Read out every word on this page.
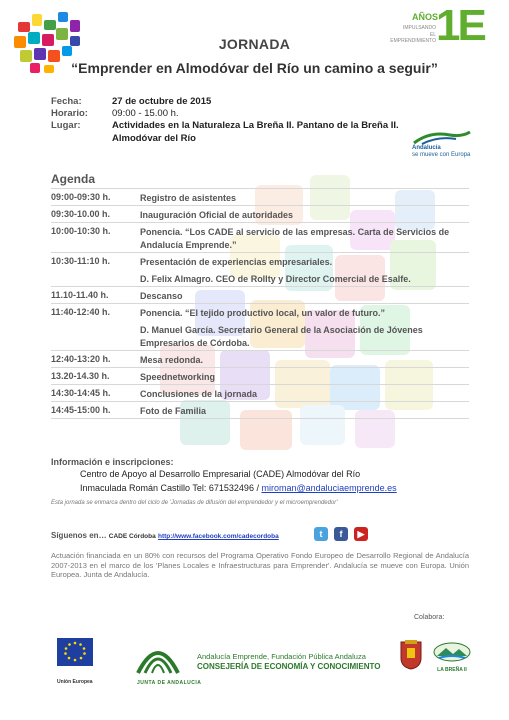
AÑOS
IMPULSANDO
EL EMPRENDIMIENTO 1E
JORNADA
“Emprender en Almodóvar del Río un camino a seguir”
Fecha:	27 de octubre de 2015
Horario:	09:00 - 15.00 h.
Lugar:	Actividades en la Naturaleza La Breña II. Pantano de la Breña II.
Almodóvar del Río
Andalucía
se mueve con Europa
Agenda
09:00-09:30 h.	Registro de asistentes
09:30-10.00 h.	Inauguración Oficial de autoridades
10:00-10:30 h.	Ponencia. “Los CADE al servicio de las empresas. Carta de Servicios de
Andalucía Emprende.”
10:30-11:10 h.	Presentación de experiencias empresariales.
D. Felix Almagro. CEO de Rollty y Director Comercial de Esalfe.
11.10-11.40 h.	Descanso
11:40-12:40 h.	Ponencia. “El tejido productivo local, un valor de futuro.”
D. Manuel García. Secretario General de la Asociación de Jóvenes
Empresarios de Córdoba.
12:40-13:20 h.	Mesa redonda.
13.20-14.30 h.	Speednetworking
14:30-14:45 h.	Conclusiones de la jornada
14:45-15:00 h.	Foto de Familia
Información e inscripciones:
Centro de Apoyo al Desarrollo Empresarial (CADE) Almodóvar del Río
Inmaculada Román Castillo Tel: 671532496 / miroman@andaluciaemprende.es
Esta jornada se enmarca dentro del ciclo de 'Jornadas de difusión del emprendedor y el microemprendedor'
Síguenos en… CADE Córdoba http://www.facebook.com/cadecordoba	t	f	▶
Actuación financiada en un 80% con recursos del Programa Operativo Fondo Europeo de Desarrollo Regional de Andalucía 2007-2013 en el marco de los 'Planes Locales e Infraestructuras para Emprender'. Andalucía se mueve con Europa. Unión Europea. Junta de Andalucía.
Colabora:
Unión Europea	JUNTA DE ANDALUCIA
Andalucía Emprende, Fundación Pública Andaluza
CONSEJERÍA DE ECONOMÍA Y CONOCIMIENTO	LA BREÑA II
